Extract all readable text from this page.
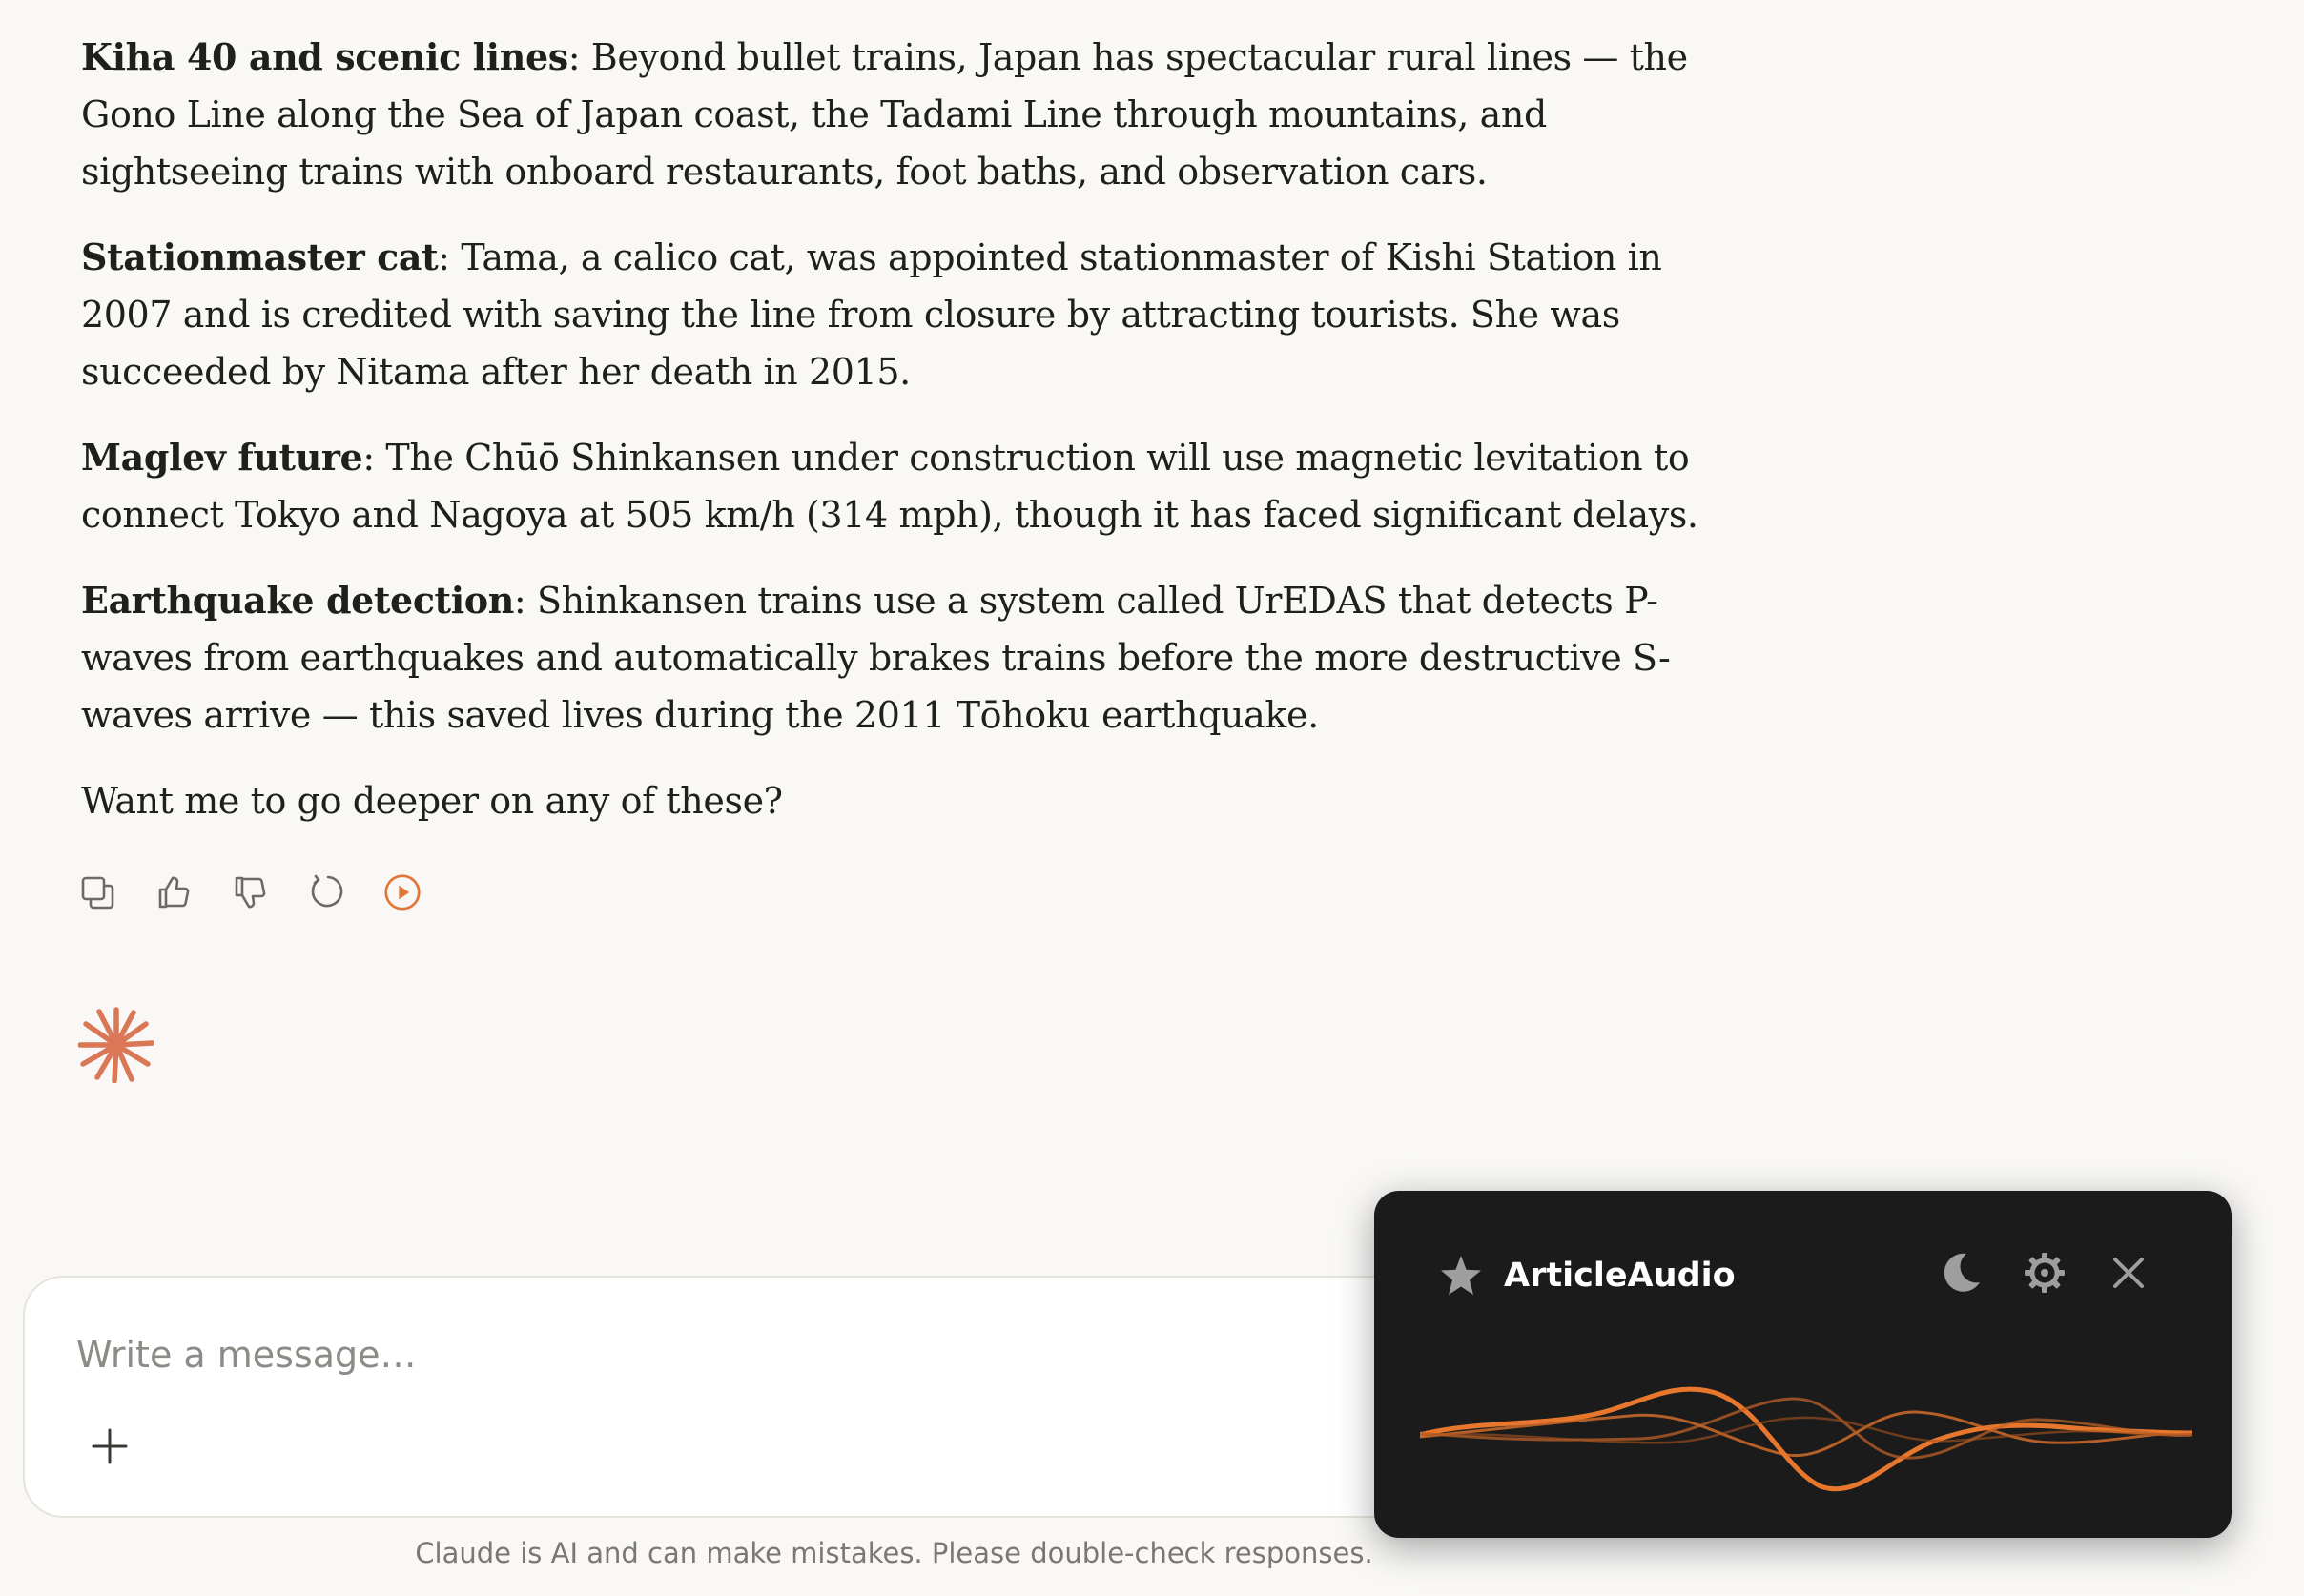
Kiha 40 and scenic lines: Beyond bullet trains, Japan has spectacular rural lines — the Gono Line along the Sea of Japan coast, the Tadami Line through mountains, and sightseeing trains with onboard restaurants, foot baths, and observation cars.

Stationmaster cat: Tama, a calico cat, was appointed stationmaster of Kishi Station in 2007 and is credited with saving the line from closure by attracting tourists. She was succeeded by Nitama after her death in 2015.

Maglev future: The Chūō Shinkansen under construction will use magnetic levitation to connect Tokyo and Nagoya at 505 km/h (314 mph), though it has faced significant delays.

Earthquake detection: Shinkansen trains use a system called UrEDAS that detects P-waves from earthquakes and automatically brakes trains before the more destructive S-waves arrive — this saved lives during the 2011 Tōhoku earthquake.

Want me to go deeper on any of these?

Write a message…
Claude is AI and can make mistakes. Please double-check responses.
ArticleAudio
